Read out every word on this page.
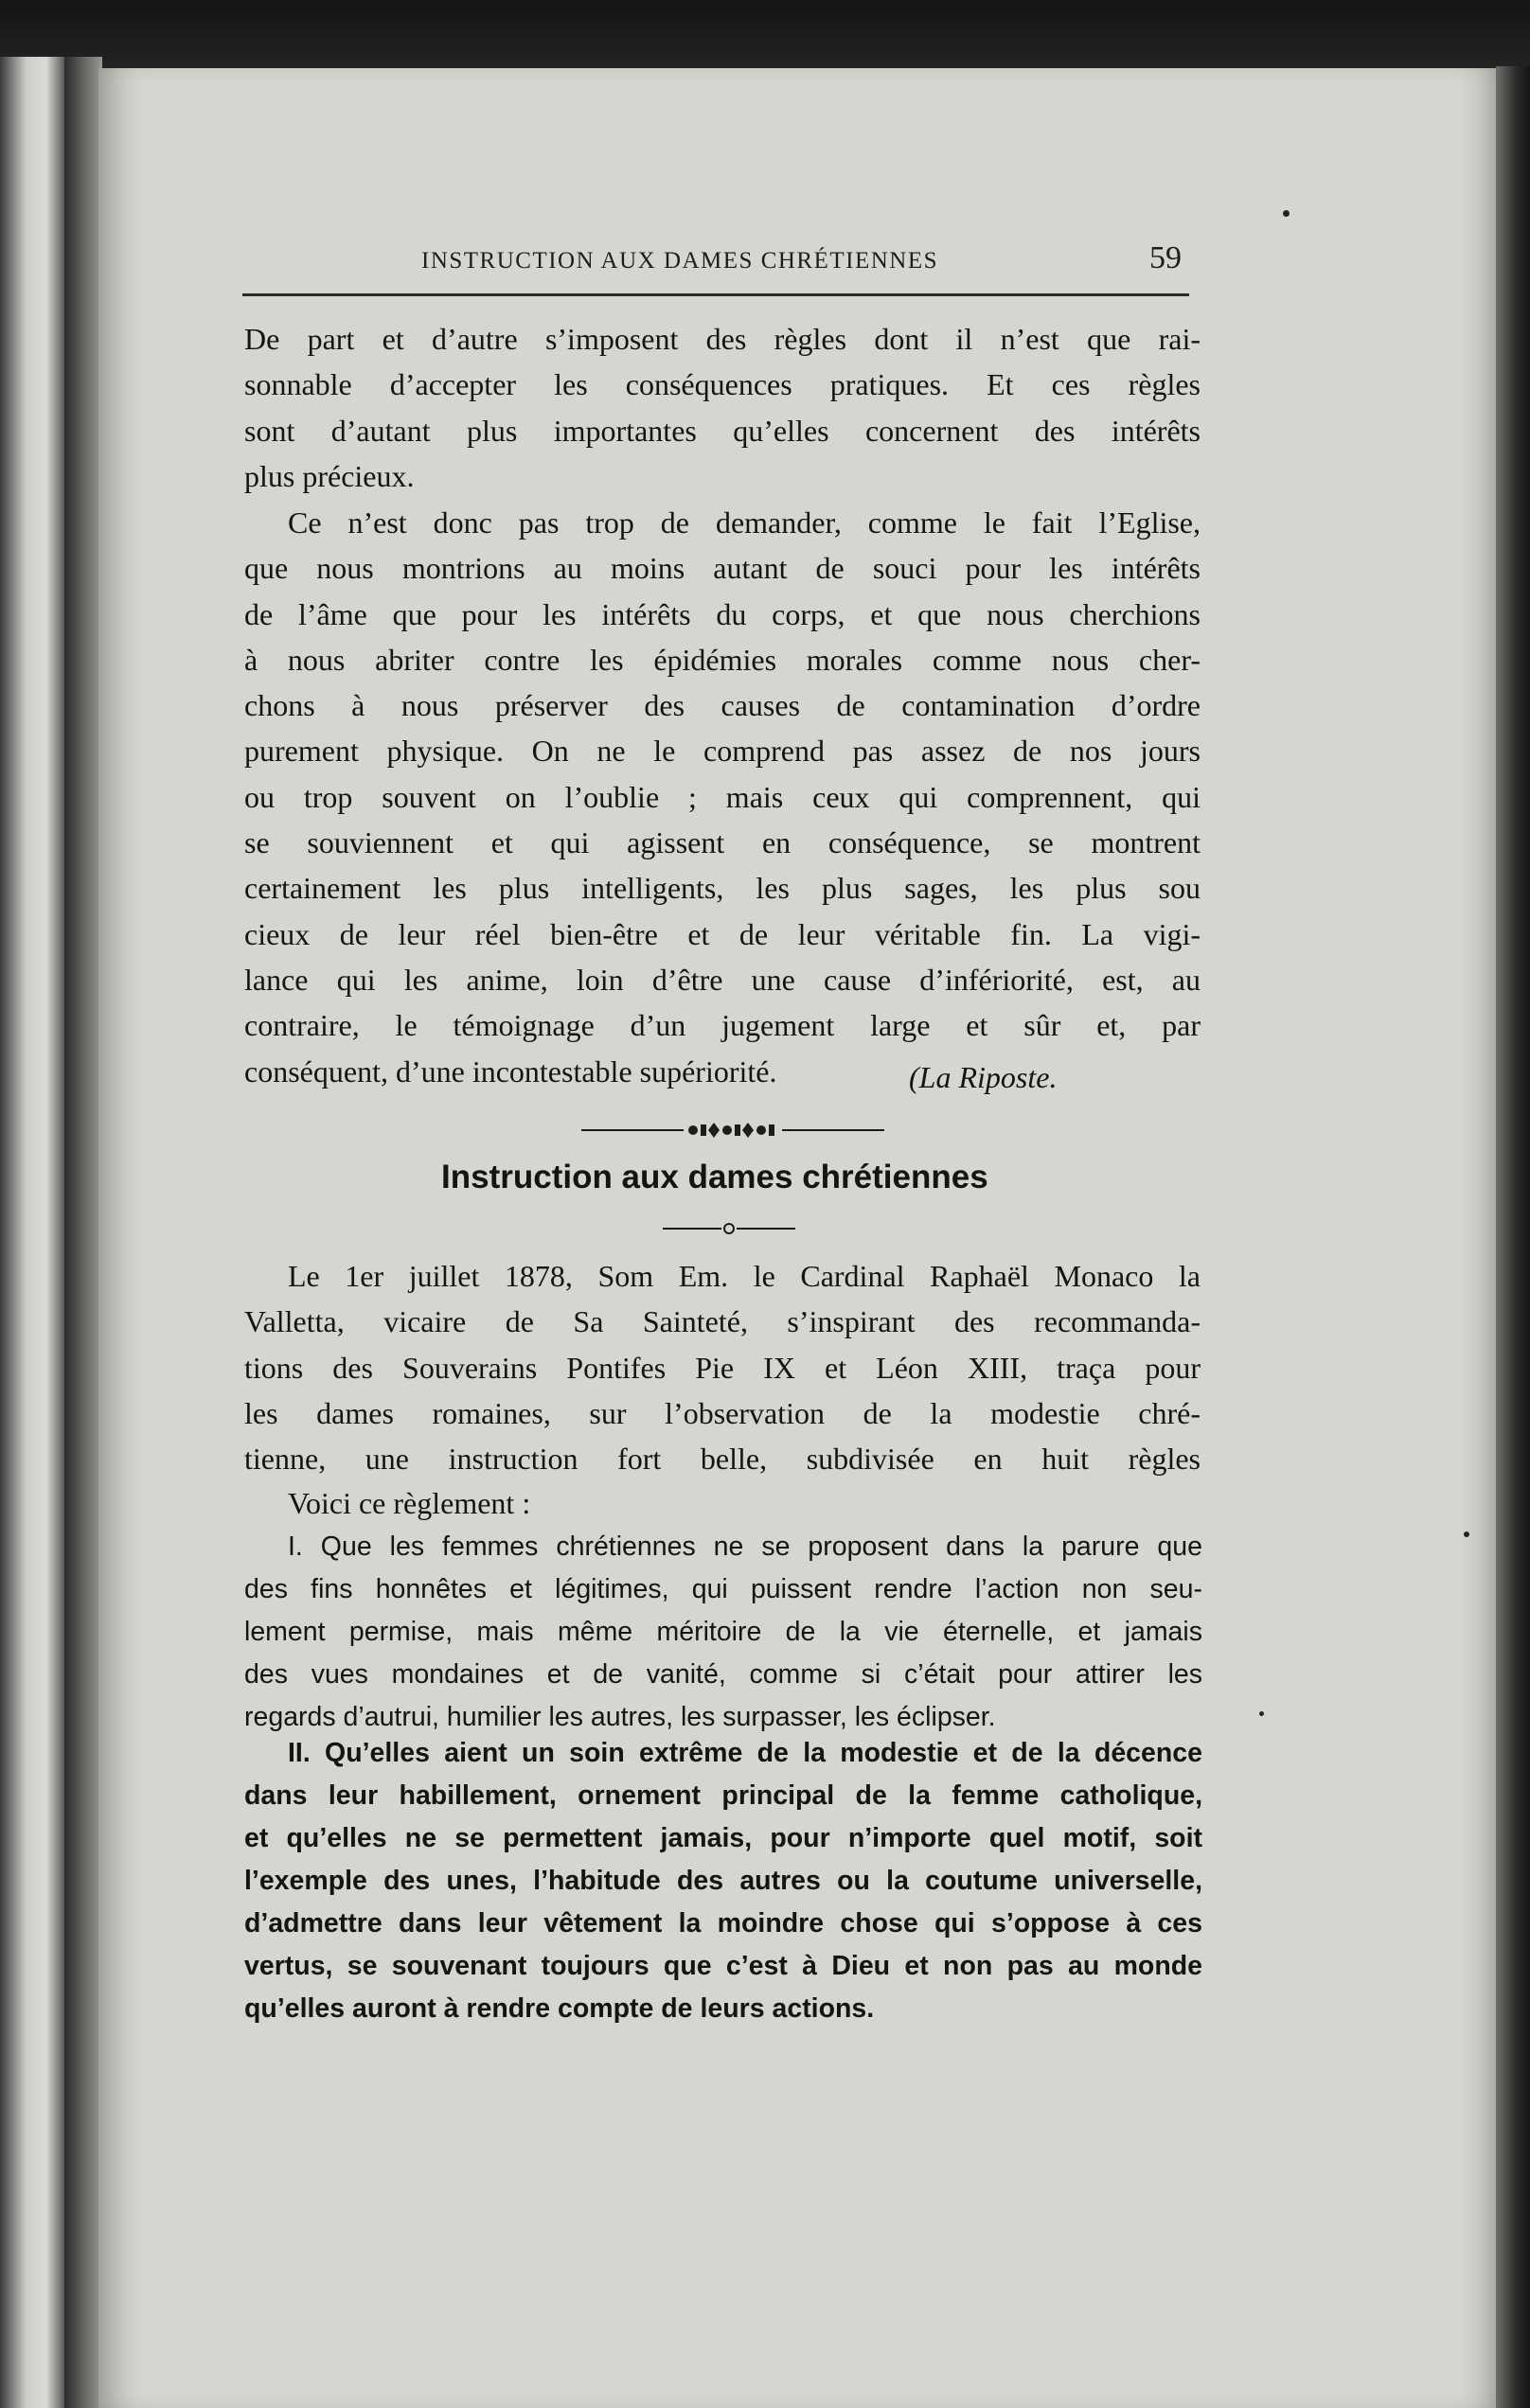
INSTRUCTION AUX DAMES CHRÉTIENNES	59

De part et d’autre s’imposent des règles dont il n’est que rai-
sonnable d’accepter les conséquences pratiques. Et ces règles
sont d’autant plus importantes qu’elles concernent des intérêts
plus précieux.

Ce n’est donc pas trop de demander, comme le fait l’Eglise,
que nous montrions au moins autant de souci pour les intérêts
de l’âme que pour les intérêts du corps, et que nous cherchions
à nous abriter contre les épidémies morales comme nous cher-
chons à nous préserver des causes de contamination d’ordre
purement physique. On ne le comprend pas assez de nos jours
ou trop souvent on l’oublie ; mais ceux qui comprennent, qui
se souviennent et qui agissent en conséquence, se montrent
certainement les plus intelligents, les plus sages, les plus sou
cieux de leur réel bien-être et de leur véritable fin. La vigi-
lance qui les anime, loin d’être une cause d’infériorité, est, au
contraire, le témoignage d’un jugement large et sûr et, par
conséquent, d’une incontestable supériorité.	(La Riposte.
Instruction aux dames chrétiennes

Le 1er juillet 1878, Som Em. le Cardinal Raphaël Monaco la
Valletta, vicaire de Sa Sainteté, s’inspirant des recommanda-
tions des Souverains Pontifes Pie IX et Léon XIII, traça pour
les dames romaines, sur l’observation de la modestie chré-
tienne, une instruction fort belle, subdivisée en huit règles

Voici ce règlement :

I. Que les femmes chrétiennes ne se proposent dans la parure que
des fins honnêtes et légitimes, qui puissent rendre l’action non seu-
lement permise, mais même méritoire de la vie éternelle, et jamais
des vues mondaines et de vanité, comme si c’était pour attirer les
regards d’autrui, humilier les autres, les surpasser, les éclipser.

II. Qu’elles aient un soin extrême de la modestie et de la décence
dans leur habillement, ornement principal de la femme catholique,
et qu’elles ne se permettent jamais, pour n’importe quel motif, soit
l’exemple des unes, l’habitude des autres ou la coutume universelle,
d’admettre dans leur vêtement la moindre chose qui s’oppose à ces
vertus, se souvenant toujours que c’est à Dieu et non pas au monde
qu’elles auront à rendre compte de leurs actions.
